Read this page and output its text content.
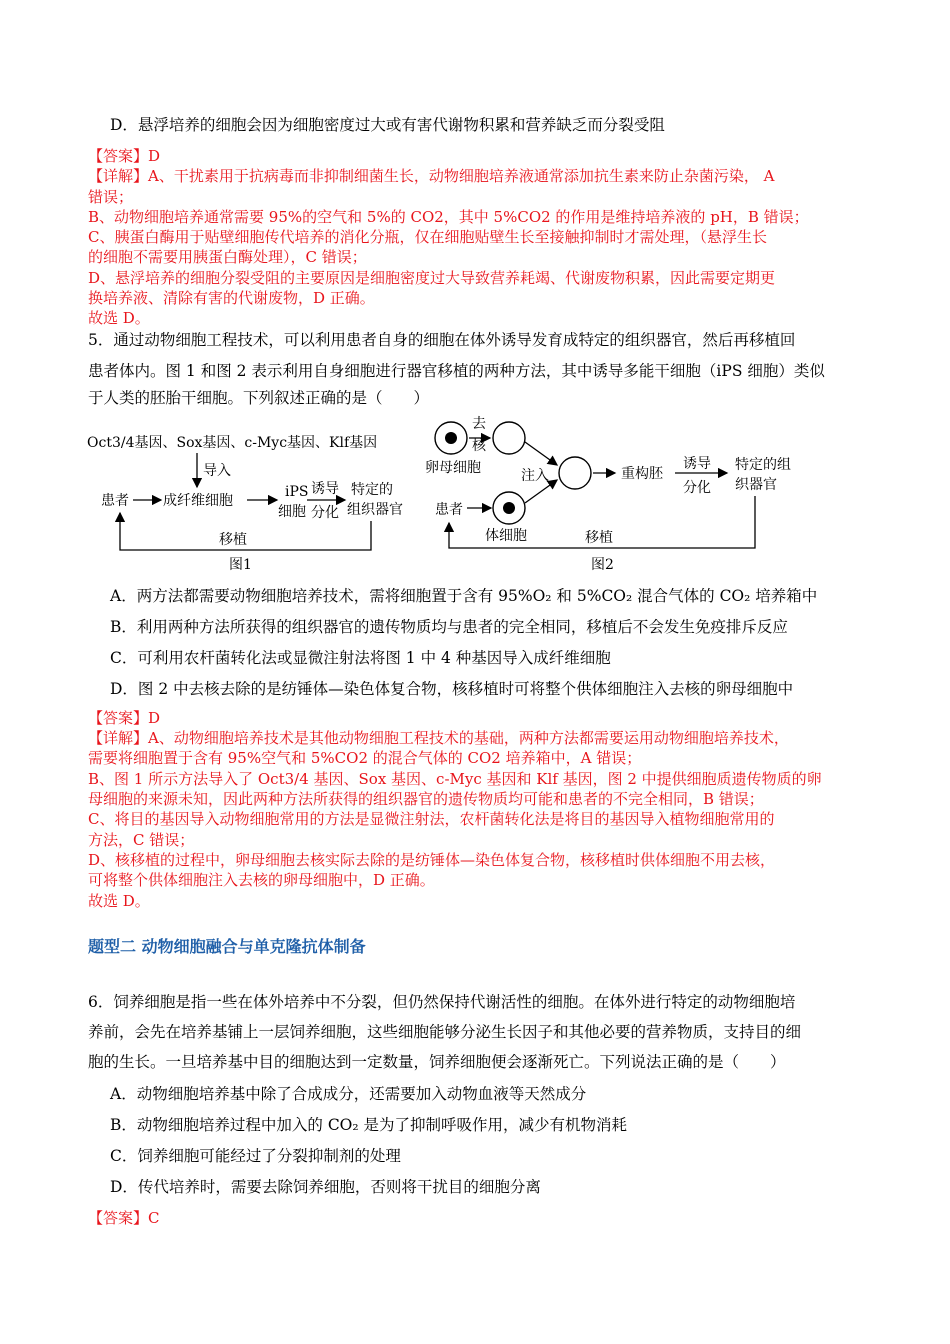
D．悬浮培养的细胞会因为细胞密度过大或有害代谢物积累和营养缺乏而分裂受阻
【答案】D
【详解】A、干扰素用于抗病毒而非抑制细菌生长，动物细胞培养液通常添加抗生素来防止杂菌污染， A
错误；
B、动物细胞培养通常需要 95%的空气和 5%的 CO2，其中 5%CO2 的作用是维持培养液的 pH，B 错误；
C、胰蛋白酶用于贴壁细胞传代培养的消化分瓶，仅在细胞贴壁生长至接触抑制时才需处理，（悬浮生长
的细胞不需要用胰蛋白酶处理），C 错误；
D、悬浮培养的细胞分裂受阻的主要原因是细胞密度过大导致营养耗竭、代谢废物积累，因此需要定期更
换培养液、清除有害的代谢废物，D 正确。
故选 D。
5．通过动物细胞工程技术，可以利用患者自身的细胞在体外诱导发育成特定的组织器官，然后再移植回
患者体内。图 1 和图 2 表示利用自身细胞进行器官移植的两种方法，其中诱导多能干细胞（iPS 细胞）类似
于人类的胚胎干细胞。下列叙述正确的是（　　）
Oct3/4基因、Sox基因、c-Myc基因、Klf基因
导入
患者 成纤维细胞
iPS
细胞
诱导
分化
特定的
组织器官
移植
图1
去
核
卵母细胞	注入
患者
体细胞
重构胚
诱导
分化
特定的组
织器官
移植
图2
A．两方法都需要动物细胞培养技术，需将细胞置于含有 95%O₂ 和 5%CO₂ 混合气体的 CO₂ 培养箱中
B．利用两种方法所获得的组织器官的遗传物质均与患者的完全相同，移植后不会发生免疫排斥反应
C．可利用农杆菌转化法或显微注射法将图 1 中 4 种基因导入成纤维细胞
D．图 2 中去核去除的是纺锤体—染色体复合物，核移植时可将整个供体细胞注入去核的卵母细胞中
【答案】D
【详解】A、动物细胞培养技术是其他动物细胞工程技术的基础，两种方法都需要运用动物细胞培养技术，
需要将细胞置于含有 95%空气和 5%CO2 的混合气体的 CO2 培养箱中，A 错误；
B、图 1 所示方法导入了 Oct3/4 基因、Sox 基因、c-Myc 基因和 Klf 基因，图 2 中提供细胞质遗传物质的卵
母细胞的来源未知，因此两种方法所获得的组织器官的遗传物质均可能和患者的不完全相同，B 错误；
C、将目的基因导入动物细胞常用的方法是显微注射法，农杆菌转化法是将目的基因导入植物细胞常用的
方法，C 错误；
D、核移植的过程中，卵母细胞去核实际去除的是纺锤体—染色体复合物，核移植时供体细胞不用去核，
可将整个供体细胞注入去核的卵母细胞中，D 正确。
故选 D。
题型二 动物细胞融合与单克隆抗体制备
6．饲养细胞是指一些在体外培养中不分裂，但仍然保持代谢活性的细胞。在体外进行特定的动物细胞培
养前，会先在培养基铺上一层饲养细胞，这些细胞能够分泌生长因子和其他必要的营养物质，支持目的细
胞的生长。一旦培养基中目的细胞达到一定数量，饲养细胞便会逐渐死亡。下列说法正确的是（　　）
A．动物细胞培养基中除了合成成分，还需要加入动物血液等天然成分
B．动物细胞培养过程中加入的 CO₂ 是为了抑制呼吸作用，减少有机物消耗
C．饲养细胞可能经过了分裂抑制剂的处理
D．传代培养时，需要去除饲养细胞，否则将干扰目的细胞分离
【答案】C
